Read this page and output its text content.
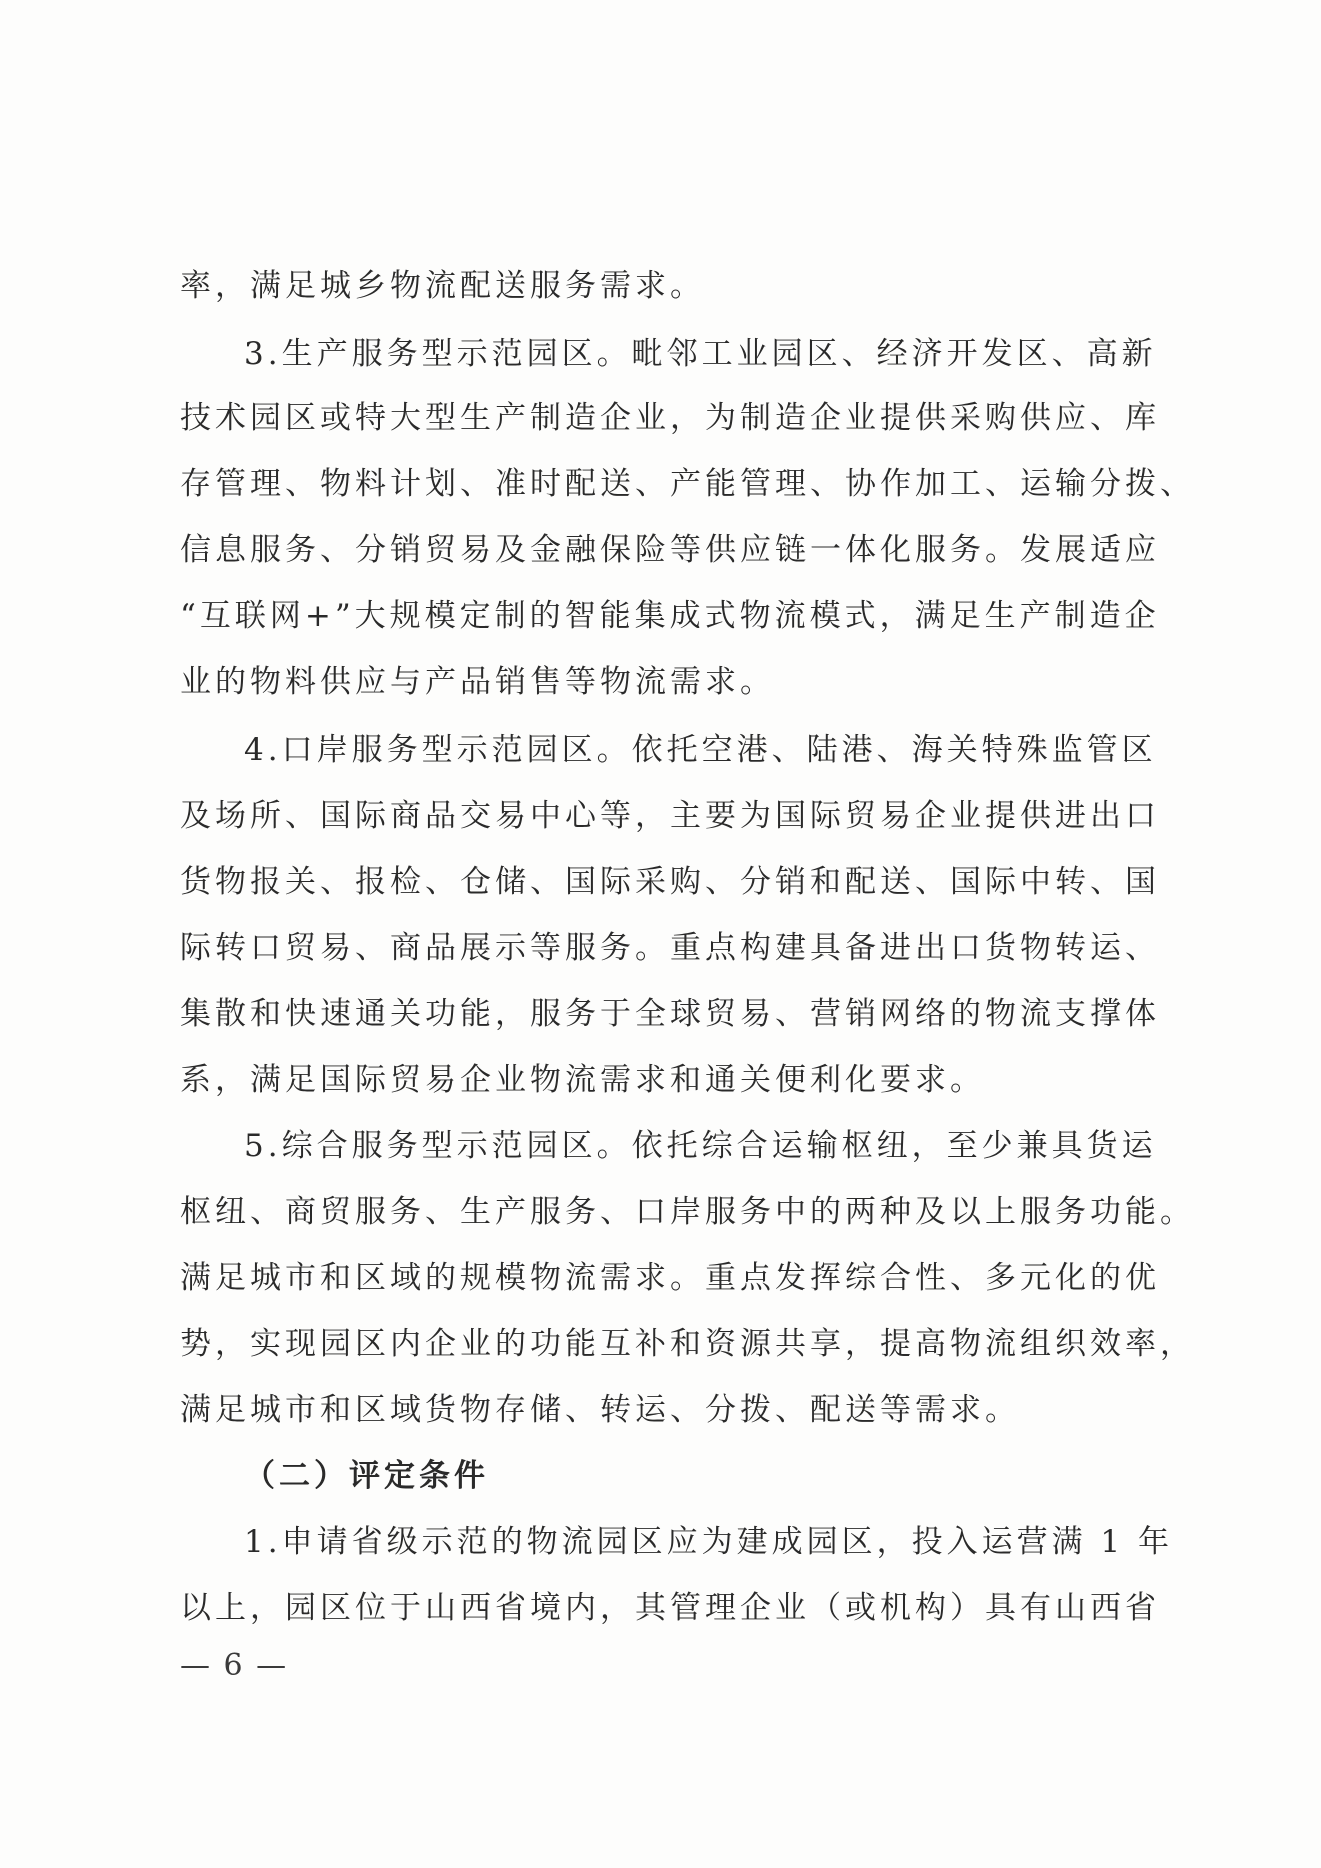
率，满足城乡物流配送服务需求。
3.生产服务型示范园区。毗邻工业园区、经济开发区、高新
技术园区或特大型生产制造企业，为制造企业提供采购供应、库
存管理、物料计划、准时配送、产能管理、协作加工、运输分拨、
信息服务、分销贸易及金融保险等供应链一体化服务。发展适应
“互联网+”大规模定制的智能集成式物流模式，满足生产制造企
业的物料供应与产品销售等物流需求。
4.口岸服务型示范园区。依托空港、陆港、海关特殊监管区
及场所、国际商品交易中心等，主要为国际贸易企业提供进出口
货物报关、报检、仓储、国际采购、分销和配送、国际中转、国
际转口贸易、商品展示等服务。重点构建具备进出口货物转运、
集散和快速通关功能，服务于全球贸易、营销网络的物流支撑体
系，满足国际贸易企业物流需求和通关便利化要求。
5.综合服务型示范园区。依托综合运输枢纽，至少兼具货运
枢纽、商贸服务、生产服务、口岸服务中的两种及以上服务功能。
满足城市和区域的规模物流需求。重点发挥综合性、多元化的优
势，实现园区内企业的功能互补和资源共享，提高物流组织效率，
满足城市和区域货物存储、转运、分拨、配送等需求。
（二）评定条件
1.申请省级示范的物流园区应为建成园区，投入运营满 1 年
以上，园区位于山西省境内，其管理企业（或机构）具有山西省
— 6 —
